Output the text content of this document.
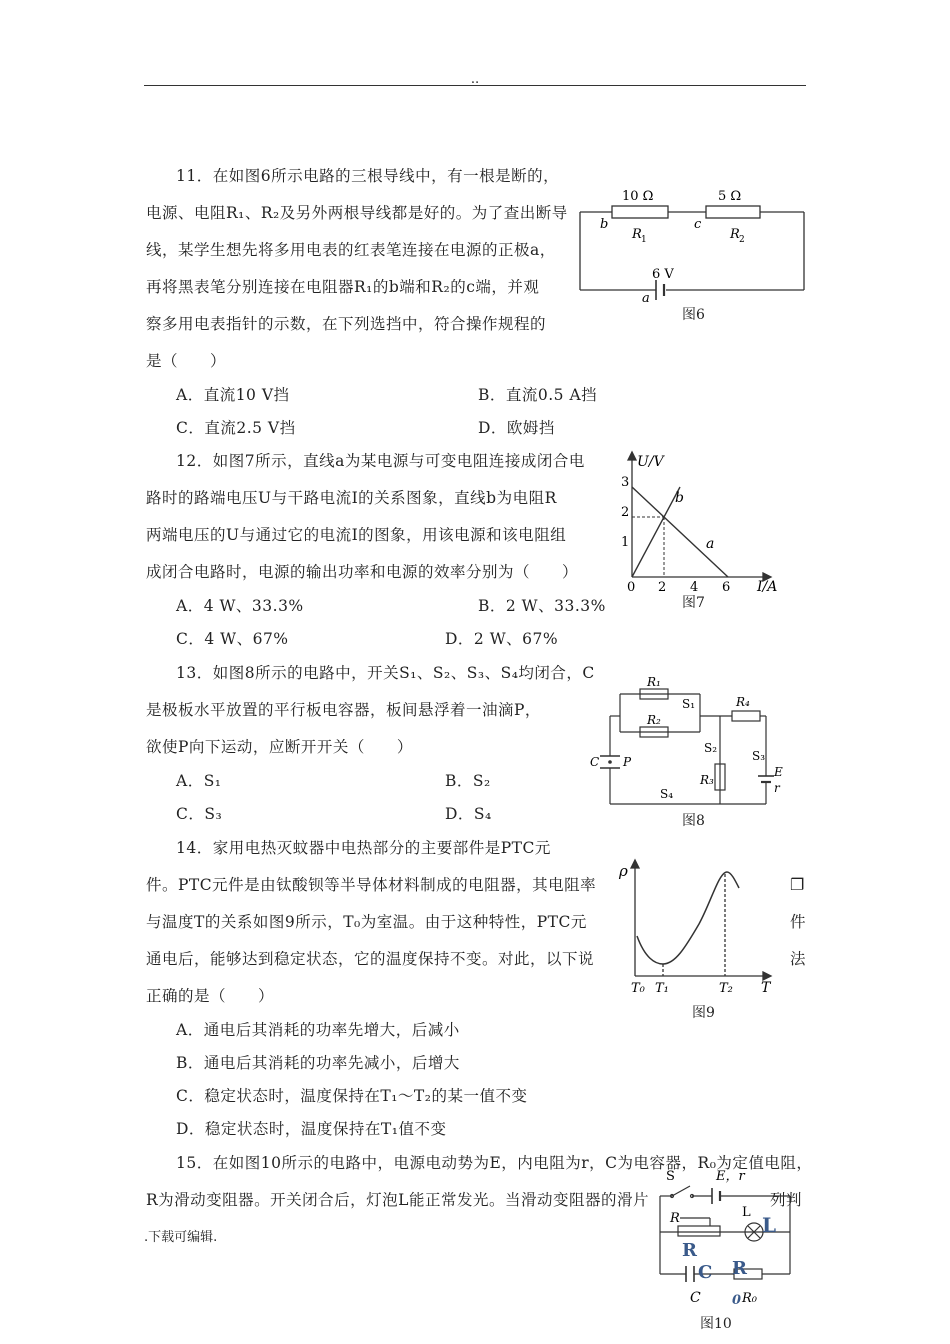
..
11．在如图6所示电路的三根导线中，有一根是断的，
电源、电阻R₁、R₂及另外两根导线都是好的。为了查出断导
线，某学生想先将多用电表的红表笔连接在电源的正极a，
再将黑表笔分别连接在电阻器R₁的b端和R₂的c端，并观
察多用电表指针的示数，在下列选挡中，符合操作规程的
是（　　）
A．直流10 V挡	B．直流0.5 A挡
C．直流2.5 V挡	D．欧姆挡
10 Ω	5 Ω
b	c
R 1	R 2
6 V
a
图6
12．如图7所示，直线a为某电源与可变电阻连接成闭合电
路时的路端电压U与干路电流I的关系图象，直线b为电阻R
两端电压的U与通过它的电流I的图象，用该电源和该电阻组
成闭合电路时，电源的输出功率和电源的效率分别为（　　）
A．4 W、33.3%	B．2 W、33.3%
C．4 W、67%	D．2 W、67%
U/V
I/A
1
2
3
0 2 4 6
a
b
图7
13．如图8所示的电路中，开关S₁、S₂、S₃、S₄均闭合，C
是极板水平放置的平行板电容器，板间悬浮着一油滴P，
欲使P向下运动，应断开开关（　　）
A．S₁	B．S₂
C．S₃	D．S₄
R₁
S₁
R₂
R₄
S₂
S₃
R₃
S₄
C P
E
r
图8
14．家用电热灭蚊器中电热部分的主要部件是PTC元
件。PTC元件是由钛酸钡等半导体材料制成的电阻器，其电阻率
与温度T的关系如图9所示，T₀为室温。由于这种特性，PTC元
通电后，能够达到稳定状态，它的温度保持不变。对此，以下说
正确的是（　　）
❐
件
法
A．通电后其消耗的功率先增大，后减小
B．通电后其消耗的功率先减小，后增大
C．稳定状态时，温度保持在T₁～T₂的某一值不变
D．稳定状态时，温度保持在T₁值不变
ρ
T
T₀ T₁	T₂
图9
15．在如图10所示的电路中，电源电动势为E，内电阻为r，C为电容器，R₀为定值电阻，
R为滑动变阻器。开关闭合后，灯泡L能正常发光。当滑动变阻器的滑片	列判
S	E，r
R	L
L
R
C R
0
C	R₀
图10
.下载可编辑.
